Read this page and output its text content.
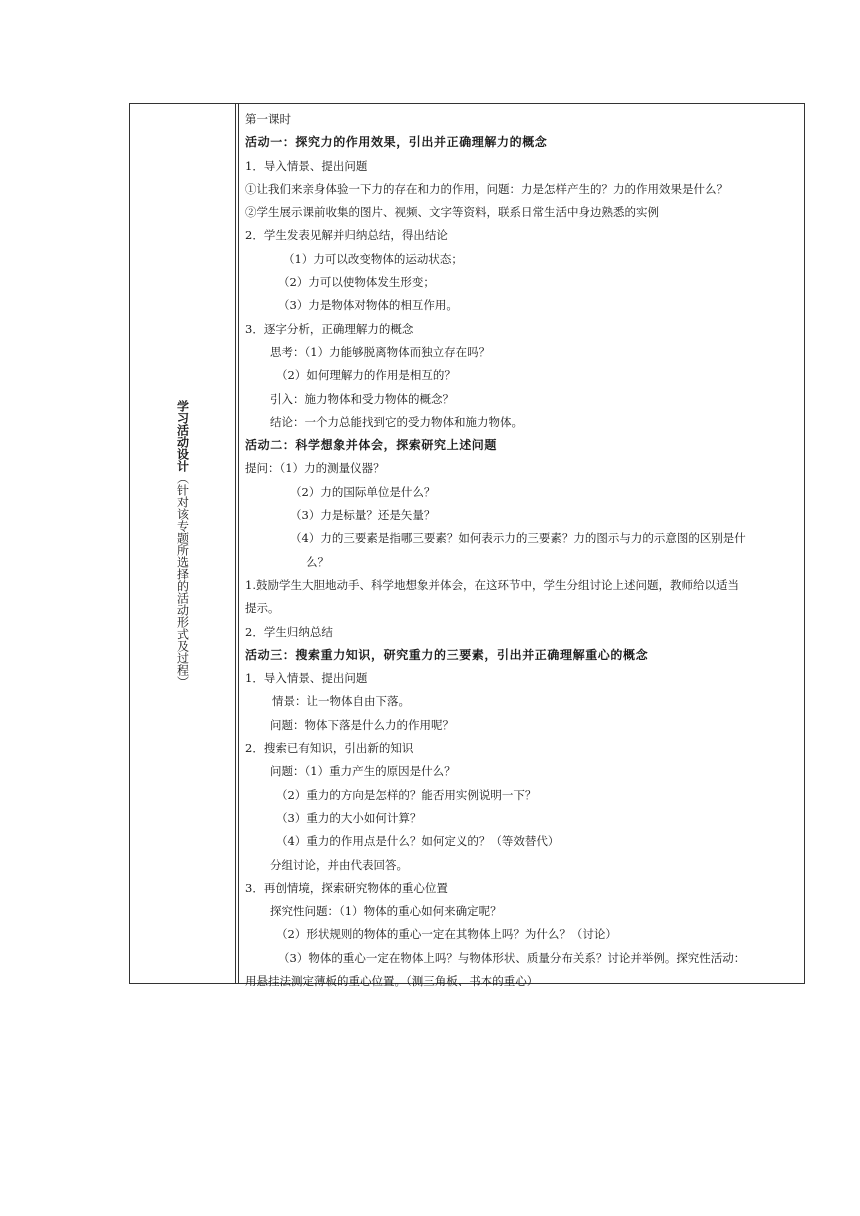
学习活动设计（针对该专题所选择的活动形式及过程）
第一课时
活动一：探究力的作用效果，引出并正确理解力的概念
1．导入情景、提出问题
①让我们来亲身体验一下力的存在和力的作用，问题：力是怎样产生的？力的作用效果是什么？
②学生展示课前收集的图片、视频、文字等资料，联系日常生活中身边熟悉的实例
2．学生发表见解并归纳总结，得出结论
（1）力可以改变物体的运动状态；
（2）力可以使物体发生形变；
（3）力是物体对物体的相互作用。
3．逐字分析，正确理解力的概念
思考：（1）力能够脱离物体而独立存在吗？
（2）如何理解力的作用是相互的？
引入：施力物体和受力物体的概念？
结论：一个力总能找到它的受力物体和施力物体。
活动二：科学想象并体会，探索研究上述问题
提问：（1）力的测量仪器？
（2）力的国际单位是什么？
（3）力是标量？还是矢量？
（4）力的三要素是指哪三要素？如何表示力的三要素？力的图示与力的示意图的区别是什
么？
1.鼓励学生大胆地动手、科学地想象并体会，在这环节中，学生分组讨论上述问题，教师给以适当
提示。
2．学生归纳总结
活动三：搜索重力知识，研究重力的三要素，引出并正确理解重心的概念
1．导入情景、提出问题
情景：让一物体自由下落。
问题：物体下落是什么力的作用呢？
2．搜索已有知识，引出新的知识
问题：（1）重力产生的原因是什么？
（2）重力的方向是怎样的？能否用实例说明一下？
（3）重力的大小如何计算？
（4）重力的作用点是什么？如何定义的？（等效替代）
分组讨论，并由代表回答。
3．再创情境，探索研究物体的重心位置
探究性问题：（1）物体的重心如何来确定呢？
（2）形状规则的物体的重心一定在其物体上吗？为什么？（讨论）
（3）物体的重心一定在物体上吗？与物体形状、质量分布关系？讨论并举例。探究性活动：
用悬挂法测定薄板的重心位置。（测三角板、书本的重心）
